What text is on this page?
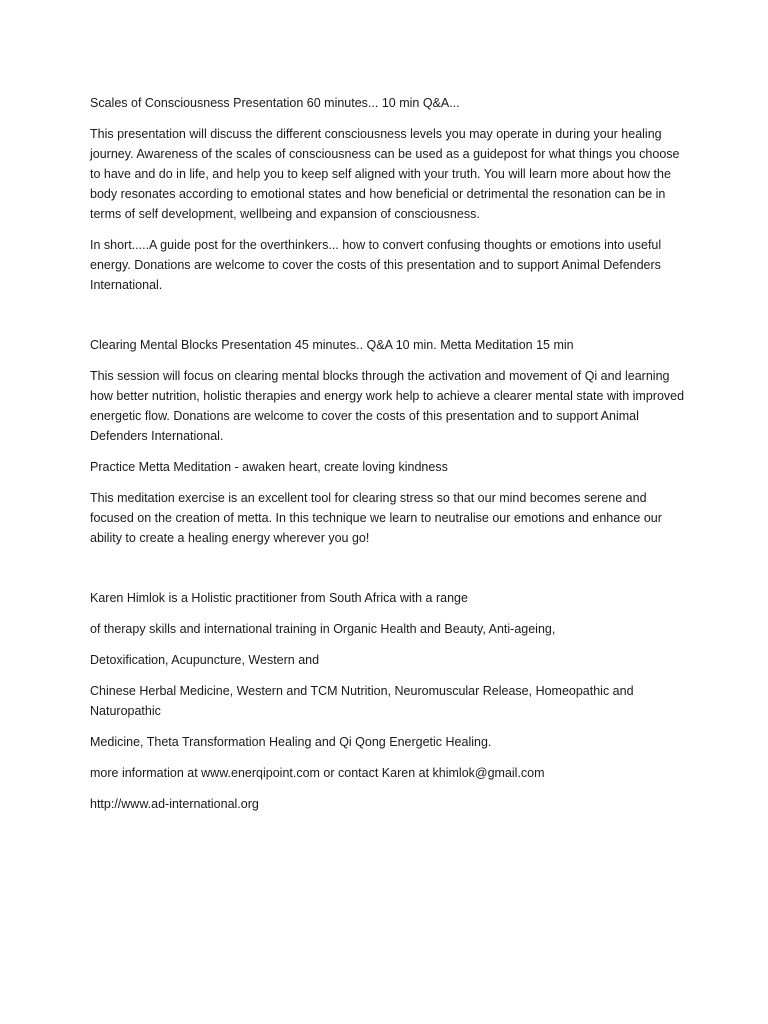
Scales of Consciousness Presentation 60 minutes... 10 min Q&A...

This presentation will discuss the different consciousness levels you may operate in during your healing journey. Awareness of the scales of consciousness can be used as a guidepost for what things you choose to have and do in life, and help you to keep self aligned with your truth. You will learn more about how the body resonates according to emotional states and how beneficial or detrimental the resonation can be in terms of self development, wellbeing and expansion of consciousness.

In short.....A guide post for the overthinkers... how to convert confusing thoughts or emotions into useful energy. Donations are welcome to cover the costs of this presentation and to support Animal Defenders International.

Clearing Mental Blocks Presentation 45 minutes.. Q&A 10 min. Metta Meditation 15 min

This session will focus on clearing mental blocks through the activation and movement of Qi and learning how better nutrition, holistic therapies and energy work help to achieve a clearer mental state with improved energetic flow. Donations are welcome to cover the costs of this presentation and to support Animal Defenders International.

Practice Metta Meditation - awaken heart, create loving kindness

This meditation exercise is an excellent tool for clearing stress so that our mind becomes serene and focused on the creation of metta. In this technique we learn to neutralise our emotions and enhance our ability to create a healing energy wherever you go!

Karen Himlok is a Holistic practitioner from South Africa with a range

of therapy skills and international training in Organic Health and Beauty, Anti-ageing,

Detoxification, Acupuncture, Western and

Chinese Herbal Medicine, Western and TCM Nutrition, Neuromuscular Release, Homeopathic and Naturopathic

Medicine, Theta Transformation Healing and Qi Qong Energetic Healing.

more information at www.enerqipoint.com or contact Karen at khimlok@gmail.com

http://www.ad-international.org
